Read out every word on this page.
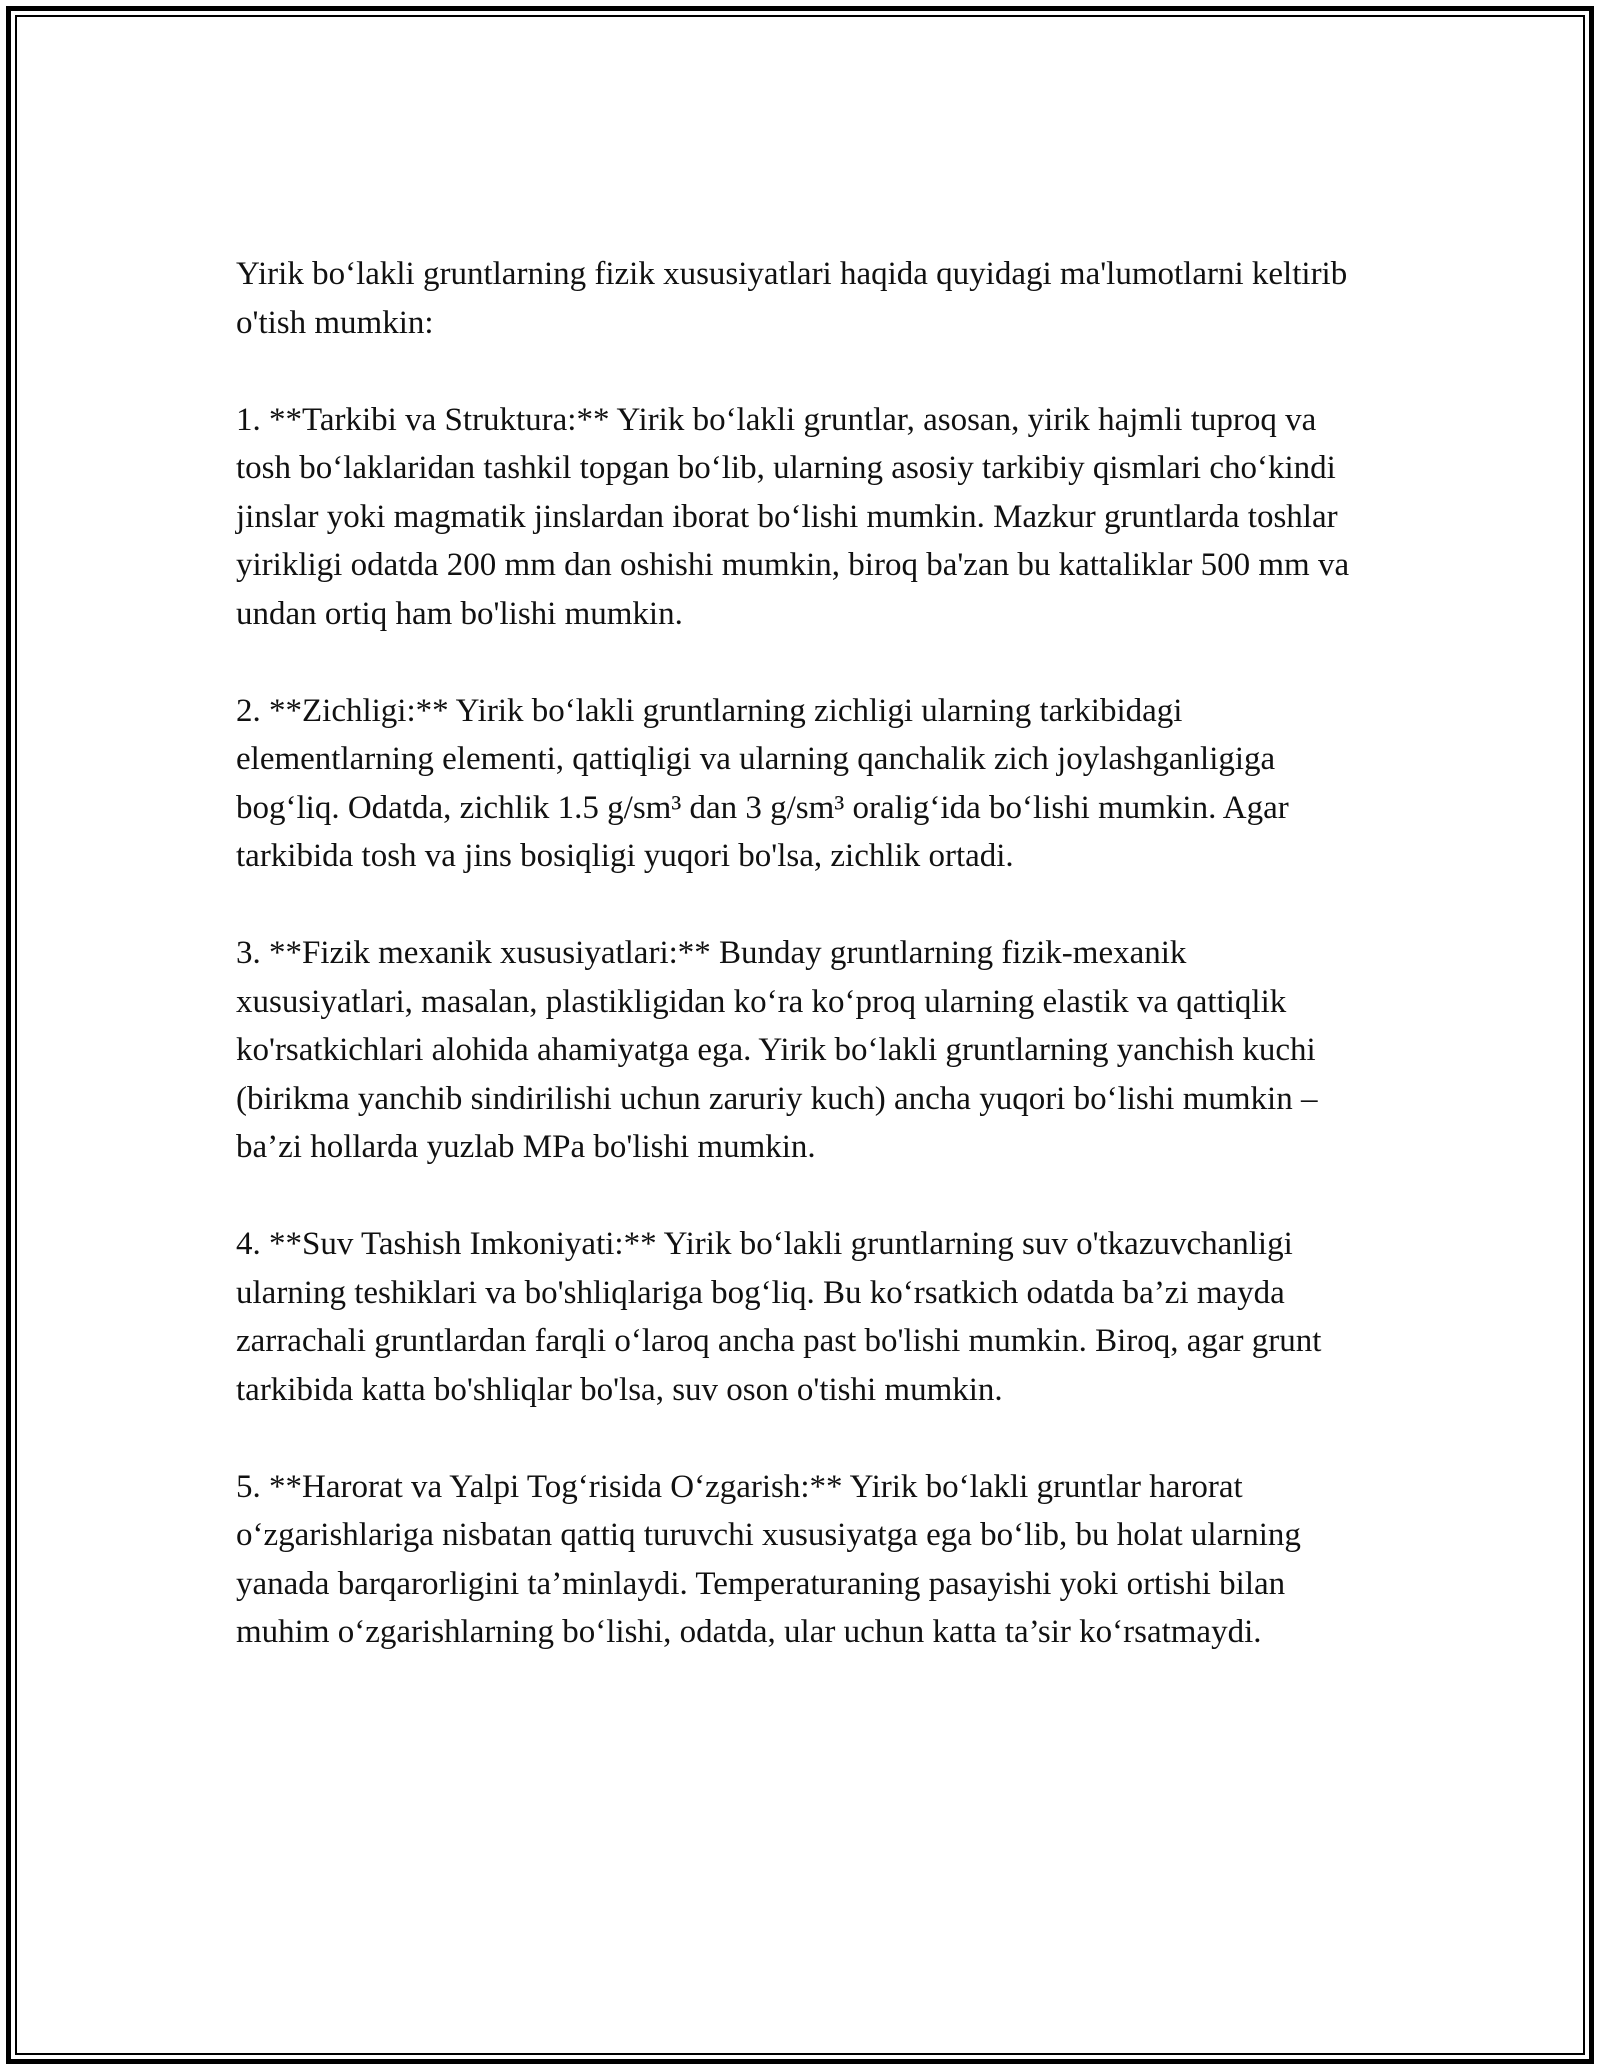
Yirik bo‘lakli gruntlarning fizik xususiyatlari haqida quyidagi ma'lumotlarni keltirib o'tish mumkin:

1. **Tarkibi va Struktura:** Yirik bo‘lakli gruntlar, asosan, yirik hajmli tuproq va tosh bo‘laklaridan tashkil topgan bo‘lib, ularning asosiy tarkibiy qismlari cho‘kindi jinslar yoki magmatik jinslardan iborat bo‘lishi mumkin. Mazkur gruntlarda toshlar yirikligi odatda 200 mm dan oshishi mumkin, biroq ba'zan bu kattaliklar 500 mm va undan ortiq ham bo'lishi mumkin.

2. **Zichligi:** Yirik bo‘lakli gruntlarning zichligi ularning tarkibidagi elementlarning elementi, qattiqligi va ularning qanchalik zich joylashganligiga bog‘liq. Odatda, zichlik 1.5 g/sm³ dan 3 g/sm³ oralig‘ida bo‘lishi mumkin. Agar tarkibida tosh va jins bosiqligi yuqori bo'lsa, zichlik ortadi.

3. **Fizik mexanik xususiyatlari:** Bunday gruntlarning fizik-mexanik xususiyatlari, masalan, plastikligidan ko‘ra ko‘proq ularning elastik va qattiqlik ko'rsatkichlari alohida ahamiyatga ega. Yirik bo‘lakli gruntlarning yanchish kuchi (birikma yanchib sindirilishi uchun zaruriy kuch) ancha yuqori bo‘lishi mumkin – ba’zi hollarda yuzlab MPa bo'lishi mumkin.

4. **Suv Tashish Imkoniyati:** Yirik bo‘lakli gruntlarning suv o'tkazuvchanligi ularning teshiklari va bo'shliqlariga bog‘liq. Bu ko‘rsatkich odatda ba’zi mayda zarrachali gruntlardan farqli o‘laroq ancha past bo'lishi mumkin. Biroq, agar grunt tarkibida katta bo'shliqlar bo'lsa, suv oson o'tishi mumkin.

5. **Harorat va Yalpi Tog‘risida O‘zgarish:** Yirik bo‘lakli gruntlar harorat o‘zgarishlariga nisbatan qattiq turuvchi xususiyatga ega bo‘lib, bu holat ularning yanada barqarorligini ta’minlaydi. Temperaturaning pasayishi yoki ortishi bilan muhim o‘zgarishlarning bo‘lishi, odatda, ular uchun katta ta’sir ko‘rsatmaydi.
